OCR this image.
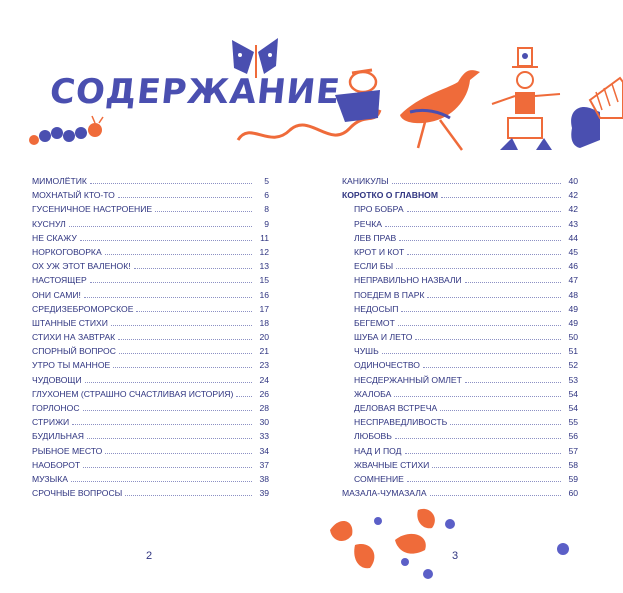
СОДЕРЖАНИЕ
МИМОЛЁТИК	5
МОХНАТЫЙ КТО-ТО	6
ГУСЕНИЧНОЕ НАСТРОЕНИЕ	8
КУСНУЛ	9
НЕ СКАЖУ	11
НОРКОГОВОРКА	12
ОХ УЖ ЭТОТ ВАЛЕНОК!	13
НАСТОЯЩЕР	15
ОНИ САМИ!	16
СРЕДИЗЕБРОМОРСКОЕ	17
ШТАННЫЕ СТИХИ	18
СТИХИ НА ЗАВТРАК	20
СПОРНЫЙ ВОПРОС	21
УТРО ТЫ МАННОЕ	23
ЧУДОВОЩИ	24
ГЛУХОНЕМ (СТРАШНО СЧАСТЛИВАЯ ИСТОРИЯ)	26
ГОРЛОНОС	28
СТРИЖИ	30
БУДИЛЬНАЯ	33
РЫБНОЕ МЕСТО	34
НАОБОРОТ	37
МУЗЫКА	38
СРОЧНЫЕ ВОПРОСЫ	39
КАНИКУЛЫ	40
КОРОТКО О ГЛАВНОМ	42
ПРО БОБРА	42
РЕЧКА	43
ЛЕВ ПРАВ	44
КРОТ И КОТ	45
ЕСЛИ БЫ	46
НЕПРАВИЛЬНО НАЗВАЛИ	47
ПОЕДЕМ В ПАРК	48
НЕДОСЫП	49
БЕГЕМОТ	49
ШУБА И ЛЕТО	50
ЧУШЬ	51
ОДИНОЧЕСТВО	52
НЕСДЕРЖАННЫЙ ОМЛЕТ	53
ЖАЛОБА	54
ДЕЛОВАЯ ВСТРЕЧА	54
НЕСПРАВЕДЛИВОСТЬ	55
ЛЮБОВЬ	56
НАД И ПОД	57
ЖВАЧНЫЕ СТИХИ	58
СОМНЕНИЕ	59
МАЗАЛА-ЧУМАЗАЛА	60
2	3
